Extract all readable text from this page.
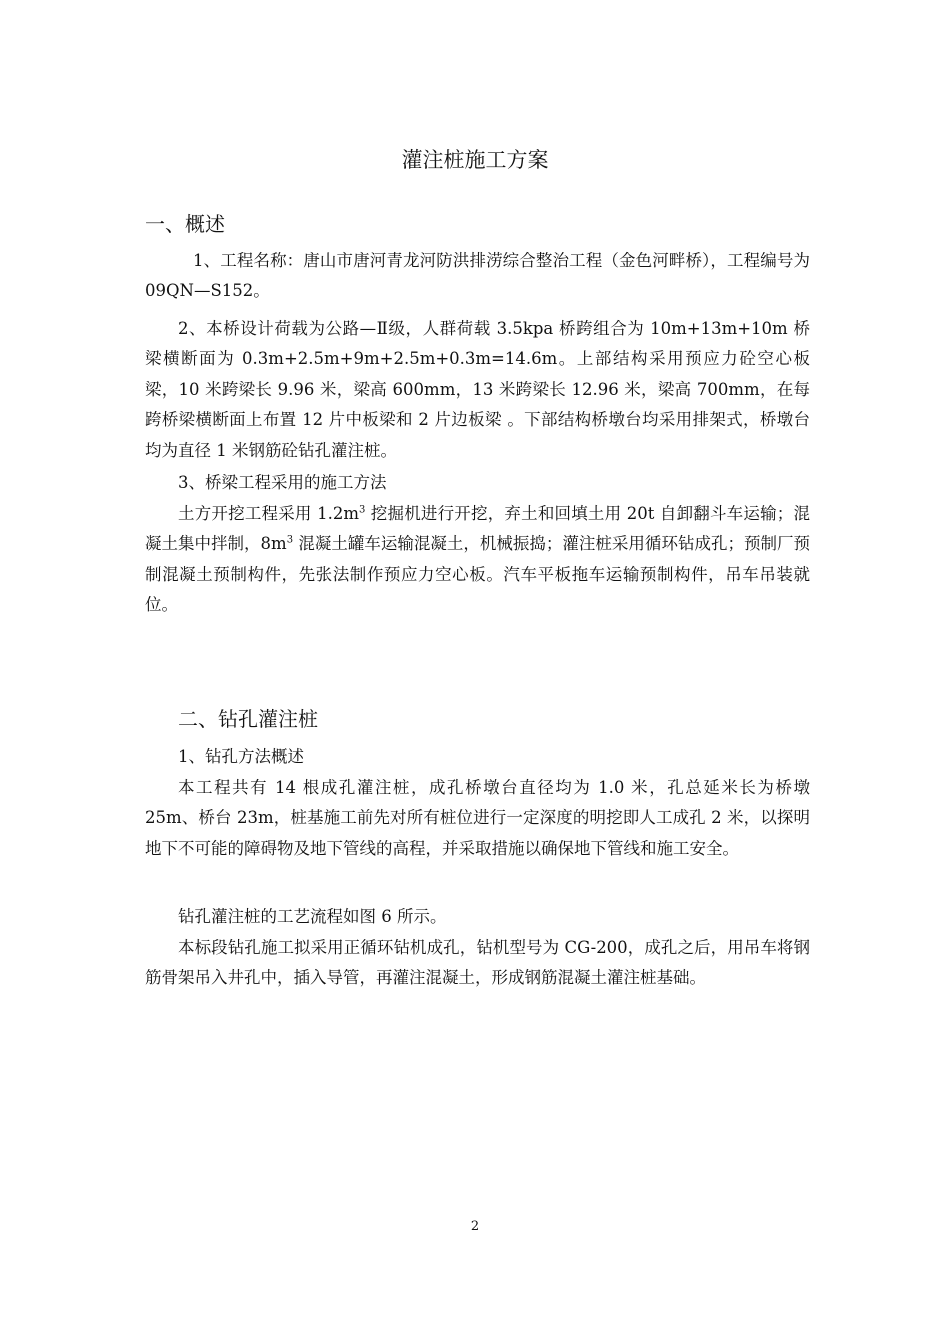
灌注桩施工方案
一、概述

1、工程名称：唐山市唐河青龙河防洪排涝综合整治工程（金色河畔桥），工程编号为09QN—S152。

2、本桥设计荷载为公路—Ⅱ级，人群荷载 3.5kpa 桥跨组合为 10m+13m+10m 桥梁横断面为 0.3m+2.5m+9m+2.5m+0.3m=14.6m。上部结构采用预应力砼空心板梁，10 米跨梁长 9.96 米，梁高 600mm，13 米跨梁长 12.96 米，梁高 700mm，在每跨桥梁横断面上布置 12 片中板梁和 2 片边板梁 。下部结构桥墩台均采用排架式，桥墩台均为直径 1 米钢筋砼钻孔灌注桩。

3、桥梁工程采用的施工方法

土方开挖工程采用 $1.2m^3$ 挖掘机进行开挖，弃土和回填土用 20t 自卸翻斗车运输；混凝土集中拌制，$8m^3$ 混凝土罐车运输混凝土，机械振捣；灌注桩采用循环钻成孔；预制厂预制混凝土预制构件，先张法制作预应力空心板。汽车平板拖车运输预制构件，吊车吊装就位。

二、钻孔灌注桩

1、钻孔方法概述

本工程共有 14 根成孔灌注桩，成孔桥墩台直径均为 1.0 米，孔总延米长为桥墩 25m、桥台 23m，桩基施工前先对所有桩位进行一定深度的明挖即人工成孔 2 米，以探明地下不可能的障碍物及地下管线的高程，并采取措施以确保地下管线和施工安全。

钻孔灌注桩的工艺流程如图 6 所示。

本标段钻孔施工拟采用正循环钻机成孔，钻机型号为 CG-200，成孔之后，用吊车将钢筋骨架吊入井孔中，插入导管，再灌注混凝土，形成钢筋混凝土灌注桩基础。

2
